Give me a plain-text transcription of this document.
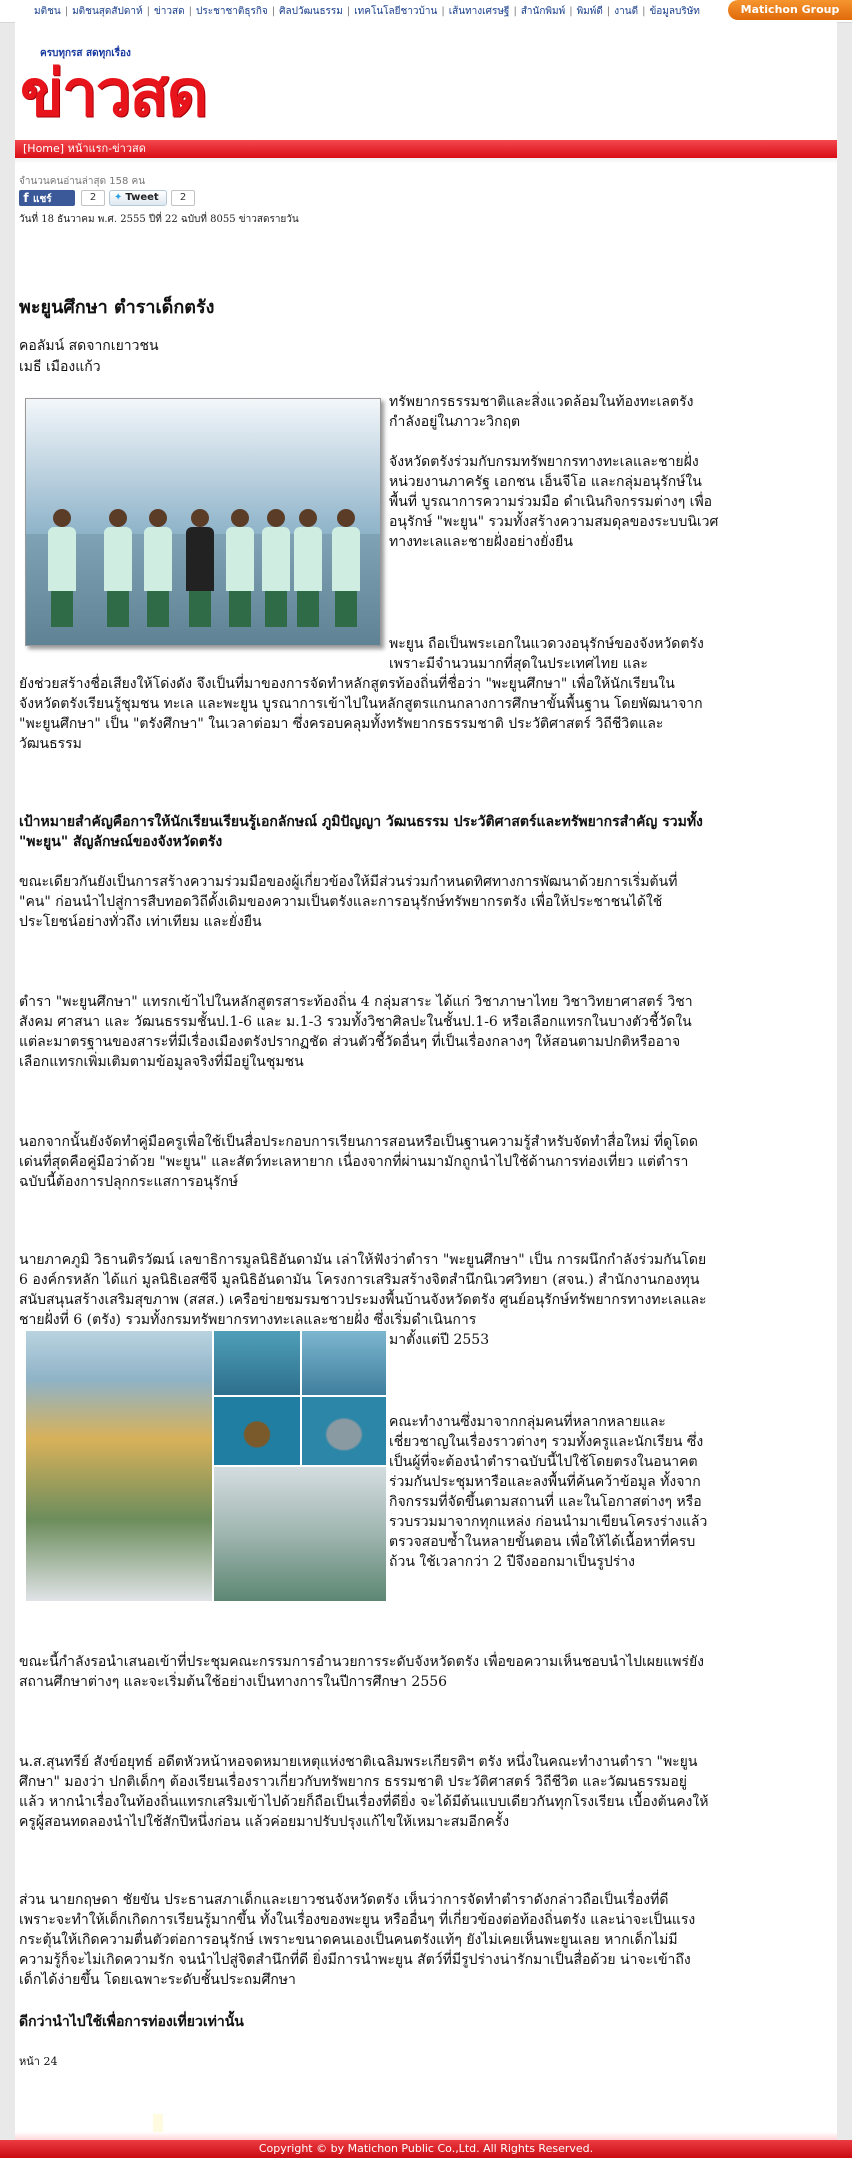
มติชน | มติชนสุดสัปดาห์ | ข่าวสด | ประชาชาติธุรกิจ | ศิลปวัฒนธรรม | เทคโนโลยีชาวบ้าน | เส้นทางเศรษฐี | สำนักพิมพ์ | พิมพ์ดี | งานดี | ข้อมูลบริษัท	Matichon Group
ครบทุกรส สดทุกเรื่อง
ข่าวสด
[Home] หน้าแรก-ข่าวสด
จำนวนคนอ่านล่าสุด 158 คน
f แชร์	2	✦ Tweet	2
วันที่ 18 ธันวาคม พ.ศ. 2555 ปีที่ 22 ฉบับที่ 8055 ข่าวสดรายวัน
พะยูนศึกษา ตำราเด็กตรัง
คอลัมน์ สดจากเยาวชน
เมธี เมืองแก้ว
ทรัพยากรธรรมชาติและสิ่งแวดล้อมในท้องทะเลตรังกำลังอยู่ในภาวะวิกฤต
จังหวัดตรังร่วมกับกรมทรัพยากรทางทะเลและชายฝั่ง หน่วยงานภาครัฐ เอกชน เอ็นจีโอ และกลุ่มอนุรักษ์ในพื้นที่ บูรณาการความร่วมมือ ดำเนินกิจกรรมต่างๆ เพื่ออนุรักษ์ "พะยูน" รวมทั้งสร้างความสมดุลของระบบนิเวศทางทะเลและชายฝั่งอย่างยั่งยืน
พะยูน ถือเป็นพระเอกในแวดวงอนุรักษ์ของจังหวัดตรัง เพราะมีจำนวนมากที่สุดในประเทศไทย และ
ยังช่วยสร้างชื่อเสียงให้โด่งดัง จึงเป็นที่มาของการจัดทำหลักสูตรท้องถิ่นที่ชื่อว่า "พะยูนศึกษา" เพื่อให้นักเรียนในจังหวัดตรังเรียนรู้ชุมชน ทะเล และพะยูน บูรณาการเข้าไปในหลักสูตรแกนกลางการศึกษาขั้นพื้นฐาน โดยพัฒนาจาก "พะยูนศึกษา" เป็น "ตรังศึกษา" ในเวลาต่อมา ซึ่งครอบคลุมทั้งทรัพยากรธรรมชาติ ประวัติศาสตร์ วิถีชีวิตและวัฒนธรรม
เป้าหมายสำคัญคือการให้นักเรียนเรียนรู้เอกลักษณ์ ภูมิปัญญา วัฒนธรรม ประวัติศาสตร์และทรัพยากรสำคัญ รวมทั้ง "พะยูน" สัญลักษณ์ของจังหวัดตรัง
ขณะเดียวกันยังเป็นการสร้างความร่วมมือของผู้เกี่ยวข้องให้มีส่วนร่วมกำหนดทิศทางการพัฒนาด้วยการเริ่มต้นที่ "คน" ก่อนนำไปสู่การสืบทอดวิถีดั้งเดิมของความเป็นตรังและการอนุรักษ์ทรัพยากรตรัง เพื่อให้ประชาชนได้ใช้ประโยชน์อย่างทั่วถึง เท่าเทียม และยั่งยืน
ตำรา "พะยูนศึกษา" แทรกเข้าไปในหลักสูตรสาระท้องถิ่น 4 กลุ่มสาระ ได้แก่ วิชาภาษาไทย วิชาวิทยาศาสตร์ วิชาสังคม ศาสนา และ วัฒนธรรมชั้นป.1-6 และ ม.1-3 รวมทั้งวิชาศิลปะในชั้นป.1-6 หรือเลือกแทรกในบางตัวชี้วัดในแต่ละมาตรฐานของสาระที่มีเรื่องเมืองตรังปรากฏชัด ส่วนตัวชี้วัดอื่นๆ ที่เป็นเรื่องกลางๆ ให้สอนตามปกติหรืออาจเลือกแทรกเพิ่มเติมตามข้อมูลจริงที่มีอยู่ในชุมชน
นอกจากนั้นยังจัดทำคู่มือครูเพื่อใช้เป็นสื่อประกอบการเรียนการสอนหรือเป็นฐานความรู้สำหรับจัดทำสื่อใหม่ ที่ดูโดดเด่นที่สุดคือคู่มือว่าด้วย "พะยูน" และสัตว์ทะเลหายาก เนื่องจากที่ผ่านมามักถูกนำไปใช้ด้านการท่องเที่ยว แต่ตำราฉบับนี้ต้องการปลุกกระแสการอนุรักษ์
นายภาคภูมิ วิธานติรวัฒน์ เลขาธิการมูลนิธิอันดามัน เล่าให้ฟังว่าตำรา "พะยูนศึกษา" เป็น การผนึกกำลังร่วมกันโดย 6 องค์กรหลัก ได้แก่ มูลนิธิเอสซีจี มูลนิธิอันดามัน โครงการเสริมสร้างจิตสำนึกนิเวศวิทยา (สจน.) สำนักงานกองทุนสนับสนุนสร้างเสริมสุขภาพ (สสส.) เครือข่ายชมรมชาวประมงพื้นบ้านจังหวัดตรัง ศูนย์อนุรักษ์ทรัพยากรทางทะเลและชายฝั่งที่ 6 (ตรัง) รวมทั้งกรมทรัพยากรทางทะเลและชายฝั่ง ซึ่งเริ่มดำเนินการ
มาตั้งแต่ปี 2553
คณะทำงานซึ่งมาจากกลุ่มคนที่หลากหลายและเชี่ยวชาญในเรื่องราวต่างๆ รวมทั้งครูและนักเรียน ซึ่งเป็นผู้ที่จะต้องนำตำราฉบับนี้ไปใช้โดยตรงในอนาคต ร่วมกันประชุมหารือและลงพื้นที่ค้นคว้าข้อมูล ทั้งจากกิจกรรมที่จัดขึ้นตามสถานที่ และในโอกาสต่างๆ หรือรวบรวมมาจากทุกแหล่ง ก่อนนำมาเขียนโครงร่างแล้วตรวจสอบซ้ำในหลายขั้นตอน เพื่อให้ได้เนื้อหาที่ครบถ้วน ใช้เวลากว่า 2 ปีจึงออกมาเป็นรูปร่าง
ขณะนี้กำลังรอนำเสนอเข้าที่ประชุมคณะกรรมการอำนวยการระดับจังหวัดตรัง เพื่อขอความเห็นชอบนำไปเผยแพร่ยังสถานศึกษาต่างๆ และจะเริ่มต้นใช้อย่างเป็นทางการในปีการศึกษา 2556
น.ส.สุนทรีย์ สังข์อยุทธ์ อดีตหัวหน้าหอจดหมายเหตุแห่งชาติเฉลิมพระเกียรติฯ ตรัง หนึ่งในคณะทำงานตำรา "พะยูนศึกษา" มองว่า ปกติเด็กๆ ต้องเรียนเรื่องราวเกี่ยวกับทรัพยากร ธรรมชาติ ประวัติศาสตร์ วิถีชีวิต และวัฒนธรรมอยู่แล้ว หากนำเรื่องในท้องถิ่นแทรกเสริมเข้าไปด้วยก็ถือเป็นเรื่องที่ดียิ่ง จะได้มีต้นแบบเดียวกันทุกโรงเรียน เบื้องต้นคงให้ครูผู้สอนทดลองนำไปใช้สักปีหนึ่งก่อน แล้วค่อยมาปรับปรุงแก้ไขให้เหมาะสมอีกครั้ง
ส่วน นายกฤษดา ชัยขัน ประธานสภาเด็กและเยาวชนจังหวัดตรัง เห็นว่าการจัดทำตำราดังกล่าวถือเป็นเรื่องที่ดี เพราะจะทำให้เด็กเกิดการเรียนรู้มากขึ้น ทั้งในเรื่องของพะยูน หรืออื่นๆ ที่เกี่ยวข้องต่อท้องถิ่นตรัง และน่าจะเป็นแรงกระตุ้นให้เกิดความตื่นตัวต่อการอนุรักษ์ เพราะขนาดคนเองเป็นคนตรังแท้ๆ ยังไม่เคยเห็นพะยูนเลย หากเด็กไม่มีความรู้ก็จะไม่เกิดความรัก จนนำไปสู่จิตสำนึกที่ดี ยิ่งมีการนำพะยูน สัตว์ที่มีรูปร่างน่ารักมาเป็นสื่อด้วย น่าจะเข้าถึงเด็กได้ง่ายขึ้น โดยเฉพาะระดับชั้นประถมศึกษา
ดีกว่านำไปใช้เพื่อการท่องเที่ยวเท่านั้น
หน้า 24
Copyright © by Matichon Public Co.,Ltd. All Rights Reserved.
